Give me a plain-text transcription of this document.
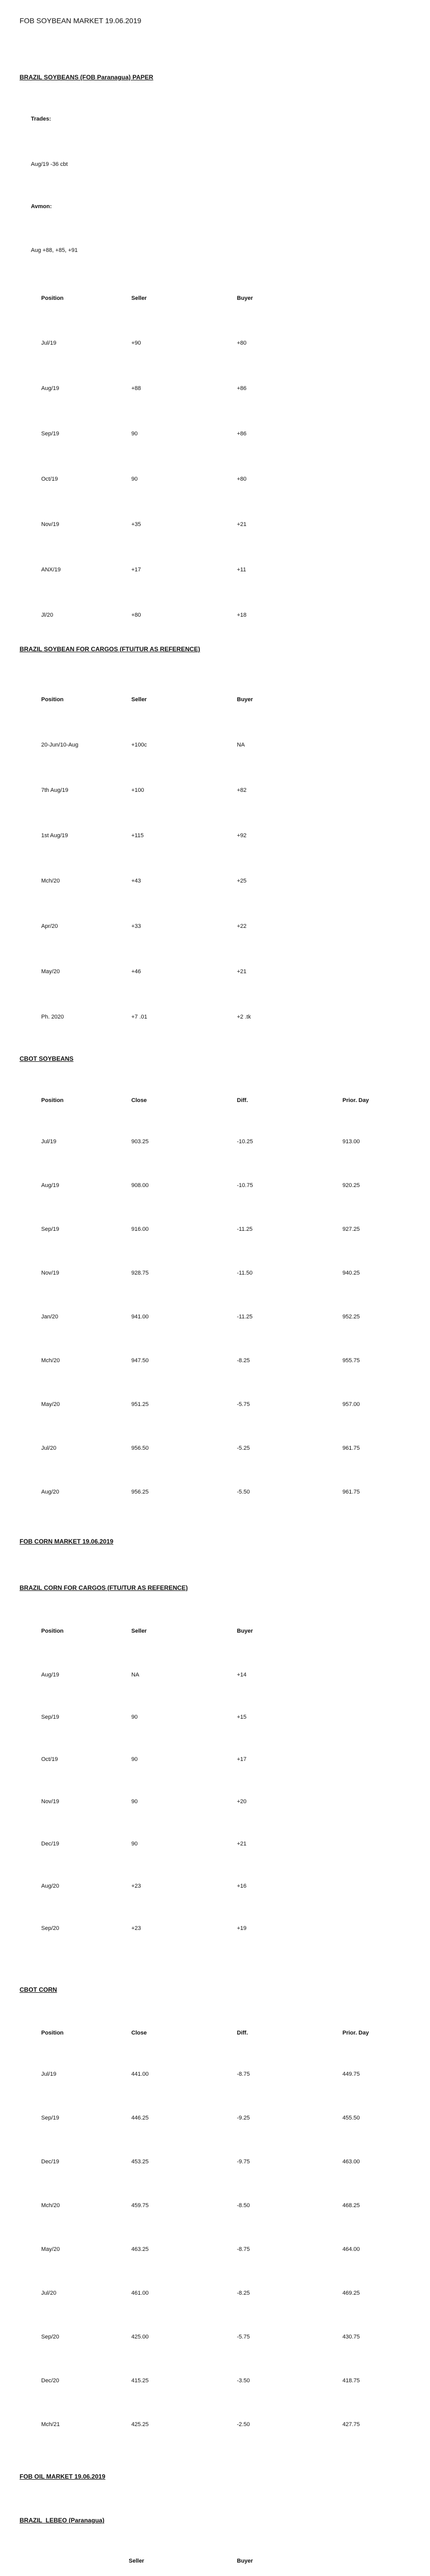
FOB SOYBEAN MARKET 19.06.2019
BRAZIL SOYBEANS (FOB Paranagua) PAPER
Trades:
Aug/19 -36 cbt
Avmon:
Aug +88, +85, +91
Position	Seller	Buyer
Jul/19	+90	+80
Aug/19	+88	+86
Sep/19	90	+86
Oct/19	90	+80
Nov/19	+35	+21
ANX/19	+17	+11
Jl/20	+80	+18
BRAZIL SOYBEAN FOR CARGOS (FTU/TUR AS REFERENCE)
Position	Seller	Buyer
20-Jun/10-Aug	+100c	NA
7th Aug/19	+100	+82
1st Aug/19	+115	+92
Mch/20	+43	+25
Apr/20	+33	+22
May/20	+46	+21
Ph. 2020	+7 .01	+2 .tk
CBOT SOYBEANS
Position	Close	Diff.	Prior. Day
Jul/19	903.25	-10.25	913.00
Aug/19	908.00	-10.75	920.25
Sep/19	916.00	-11.25	927.25
Nov/19	928.75	-11.50	940.25
Jan/20	941.00	-11.25	952.25
Mch/20	947.50	-8.25	955.75
May/20	951.25	-5.75	957.00
Jul/20	956.50	-5.25	961.75
Aug/20	956.25	-5.50	961.75
FOB CORN MARKET 19.06.2019
BRAZIL CORN FOR CARGOS (FTU/TUR AS REFERENCE)
Position	Seller	Buyer
Aug/19	NA	+14
Sep/19	90	+15
Oct/19	90	+17
Nov/19	90	+20
Dec/19	90	+21
Aug/20	+23	+16
Sep/20	+23	+19
CBOT CORN
Position	Close	Diff.	Prior. Day
Jul/19	441.00	-8.75	449.75
Sep/19	446.25	-9.25	455.50
Dec/19	453.25	-9.75	463.00
Mch/20	459.75	-8.50	468.25
May/20	463.25	-8.75	464.00
Jul/20	461.00	-8.25	469.25
Sep/20	425.00	-5.75	430.75
Dec/20	415.25	-3.50	418.75
Mch/21	425.25	-2.50	427.75
FOB OIL MARKET 19.06.2019
BRAZIL_LEBEO (Paranagua)
Seller	Buyer
